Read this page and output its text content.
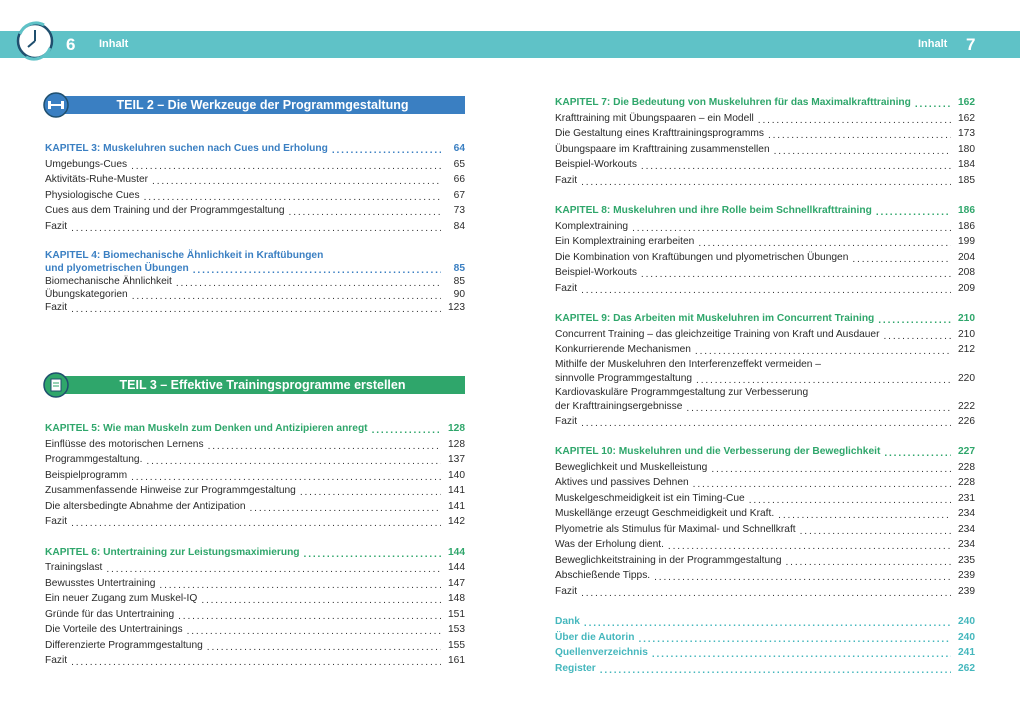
6 Inhalt	Inhalt 7
TEIL 2 – Die Werkzeuge der Programmgestaltung
KAPITEL 3: Muskeluhren suchen nach Cues und Erholung . . .	64
Umgebungs-Cues . . .	65
Aktivitäts-Ruhe-Muster . . .	66
Physiologische Cues . . .	67
Cues aus dem Training und der Programmgestaltung . . .	73
Fazit . . .	84
KAPITEL 4: Biomechanische Ähnlichkeit in Kraftübungen
und plyometrischen Übungen . . .	85
Biomechanische Ähnlichkeit . . .	85
Übungskategorien . . .	90
Fazit . . .	123
TEIL 3 – Effektive Trainingsprogramme erstellen
KAPITEL 5: Wie man Muskeln zum Denken und Antizipieren anregt . . .	128
Einflüsse des motorischen Lernens . . .	128
Programmgestaltung. . . .	137
Beispielprogramm . . .	140
Zusammenfassende Hinweise zur Programmgestaltung . . .	141
Die altersbedingte Abnahme der Antizipation . . .	141
Fazit . . .	142
KAPITEL 6: Untertraining zur Leistungsmaximierung . . .	144
Trainingslast . . .	144
Bewusstes Untertraining . . .	147
Ein neuer Zugang zum Muskel-IQ . . .	148
Gründe für das Untertraining . . .	151
Die Vorteile des Untertrainings . . .	153
Differenzierte Programmgestaltung . . .	155
Fazit . . .	161
KAPITEL 7: Die Bedeutung von Muskeluhren für das Maximalkrafttraining . . .	162
Krafttraining mit Übungspaaren – ein Modell . . .	162
Die Gestaltung eines Krafttrainingsprogramms . . .	173
Übungspaare im Krafttraining zusammenstellen . . .	180
Beispiel-Workouts . . .	184
Fazit . . .	185
KAPITEL 8: Muskeluhren und ihre Rolle beim Schnellkrafttraining . . .	186
Komplextraining . . .	186
Ein Komplextraining erarbeiten . . .	199
Die Kombination von Kraftübungen und plyometrischen Übungen . . .	204
Beispiel-Workouts . . .	208
Fazit . . .	209
KAPITEL 9: Das Arbeiten mit Muskeluhren im Concurrent Training . . .	210
Concurrent Training – das gleichzeitige Training von Kraft und Ausdauer . . .	210
Konkurrierende Mechanismen . . .	212
Mithilfe der Muskeluhren den Interferenzeffekt vermeiden –
sinnvolle Programmgestaltung . . .	220
Kardiovaskuläre Programmgestaltung zur Verbesserung
der Krafttrainingsergebnisse . . .	222
Fazit . . .	226
KAPITEL 10: Muskeluhren und die Verbesserung der Beweglichkeit . . .	227
Beweglichkeit und Muskelleistung . . .	228
Aktives und passives Dehnen . . .	228
Muskelgeschmeidigkeit ist ein Timing-Cue . . .	231
Muskellänge erzeugt Geschmeidigkeit und Kraft. . . .	234
Plyometrie als Stimulus für Maximal- und Schnellkraft . . .	234
Was der Erholung dient. . . .	234
Beweglichkeitstraining in der Programmgestaltung . . .	235
Abschießende Tipps. . . .	239
Fazit . . .	239
Dank . . .	240
Über die Autorin . . .	240
Quellenverzeichnis . . .	241
Register . . .	262
